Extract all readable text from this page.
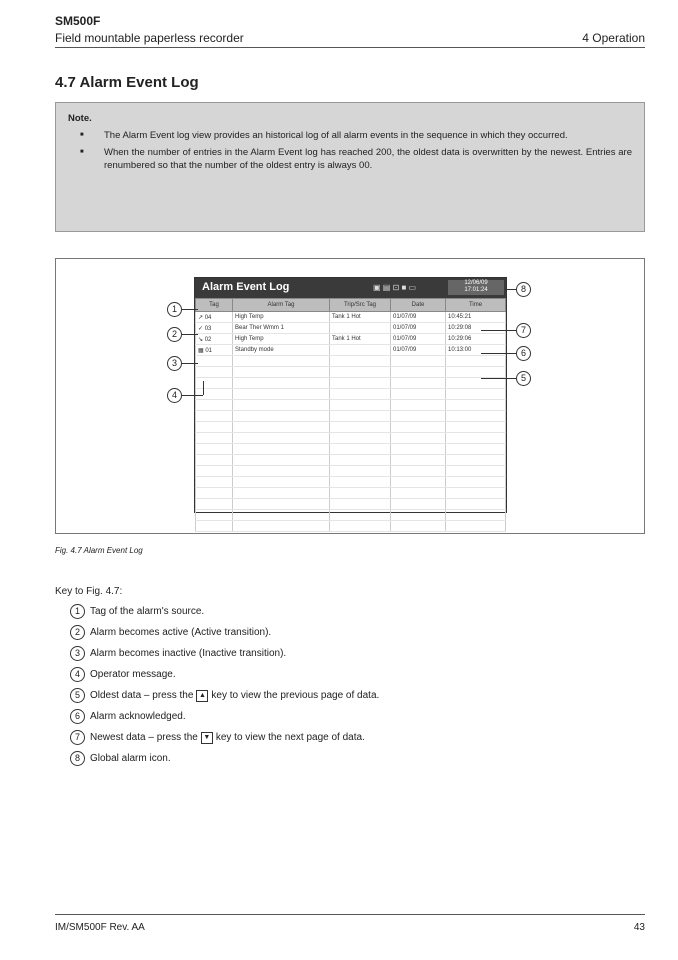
SM500F
Field mountable paperless recorder	4 Operation
4.7 Alarm Event Log
Note.
■ The Alarm Event log view provides an historical log of all alarm events in the sequence in which they occurred.
■ When the number of entries in the Alarm Event log has reached 200, the oldest data is overwritten by the newest. Entries are renumbered so that the number of the oldest entry is always 00.
Alarm Event Log	▣ ▤ ⊡ ■ ▭	12/06/09
17:01:24
Tag	Alarm Tag	Trip/Src Tag	Date	Time
↗ 04	High Temp	Tank 1 Hot	01/07/09	10:45:21
✓ 03	Bear Ther Wmm 1		01/07/09	10:29:08
↘ 02	High Temp	Tank 1 Hot	01/07/09	10:29:06
▦ 01	Standby mode		01/07/09	10:13:00

1
2
3
4
8
7
6
5
Fig. 4.7 Alarm Event Log
Key to Fig. 4.7:
1 Tag of the alarm's source.
2 Alarm becomes active (Active transition).
3 Alarm becomes inactive (Inactive transition).
4 Operator message.
5 Oldest data – press the ▲ key to view the previous page of data.
6 Alarm acknowledged.
7 Newest data – press the ▼ key to view the next page of data.
8 Global alarm icon.
IM/SM500F Rev. AA	43
